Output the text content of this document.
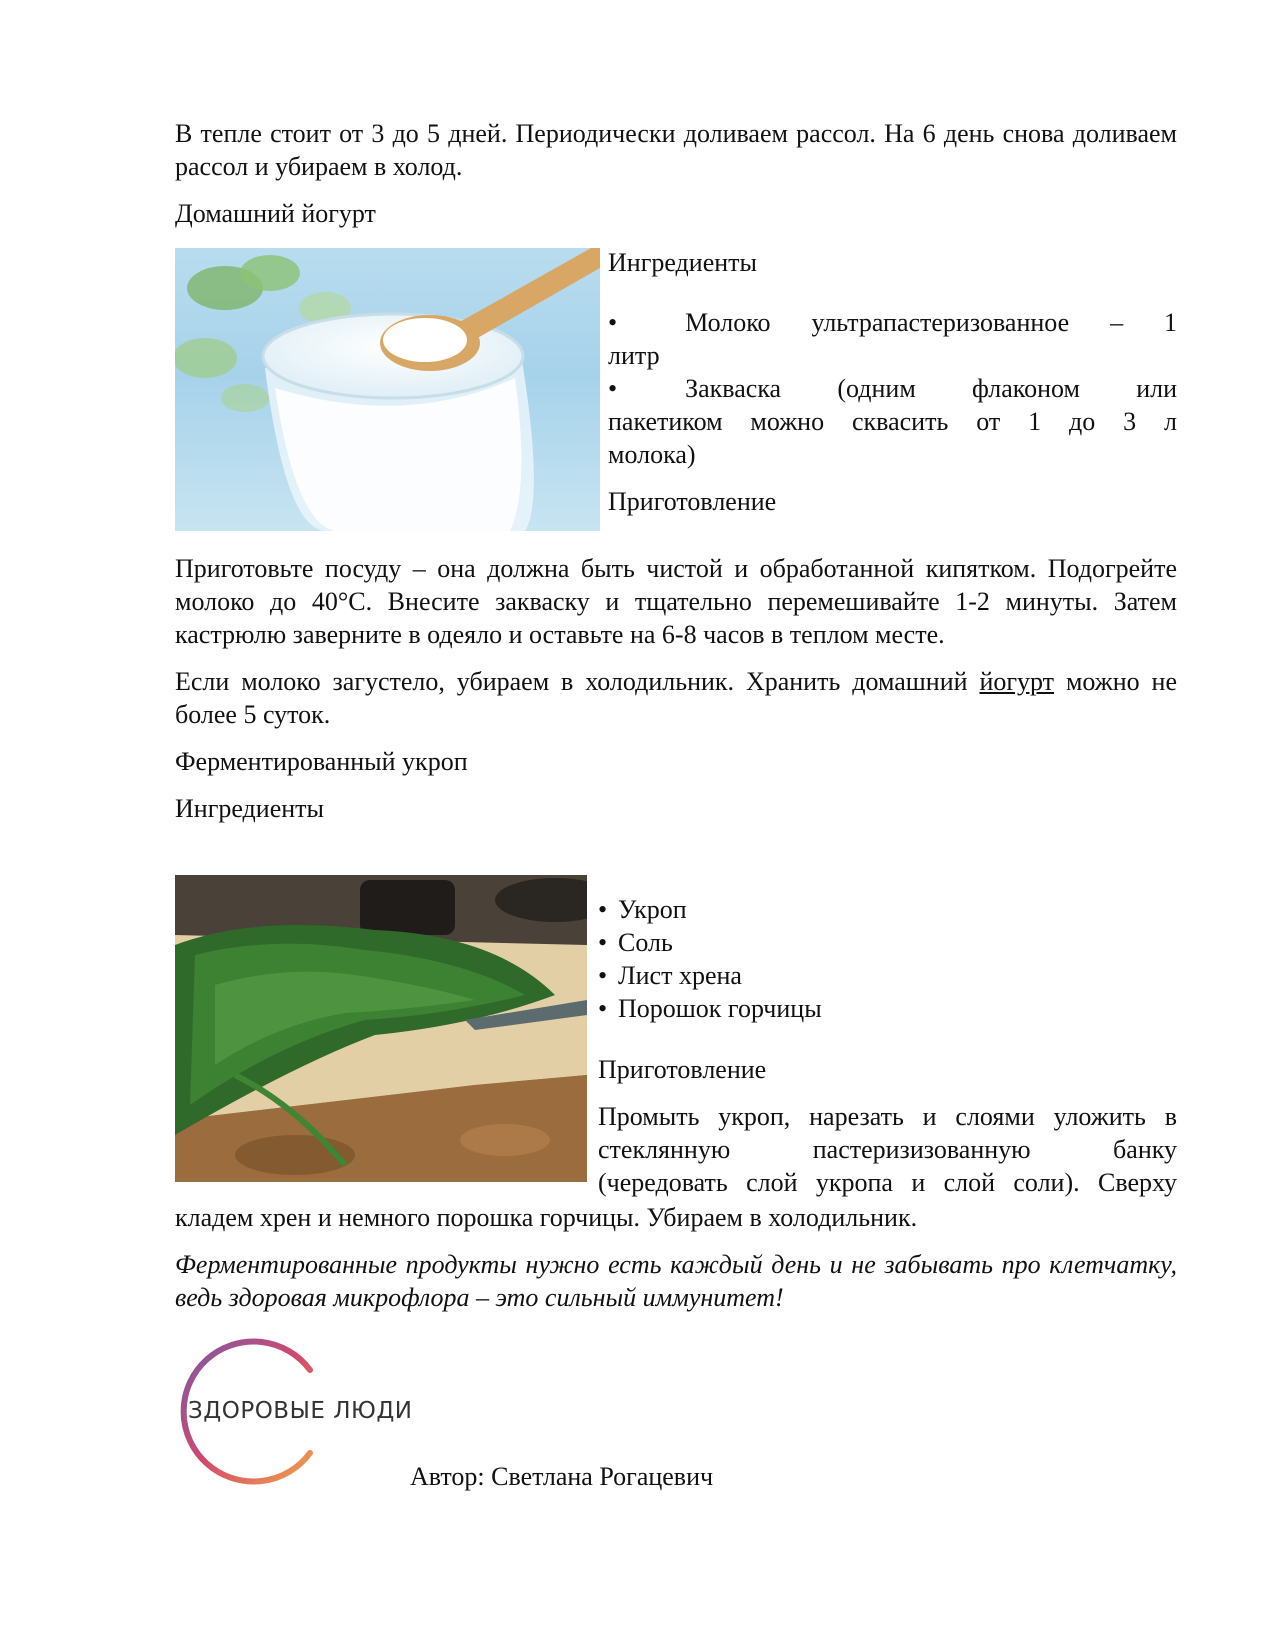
В тепле стоит от 3 до 5 дней. Периодически доливаем рассол. На 6 день снова доливаем рассол и убираем в холод.

Домашний йогурт

Ингредиенты

•	Молоко ультрапастеризованное – 1

литр

•	Закваска (одним флаконом или

пакетиком можно сквасить от 1 до 3 л

молока)

Приготовление

Приготовьте посуду – она должна быть чистой и обработанной кипятком. Подогрейте молоко до 40°C. Внесите закваску и тщательно перемешивайте 1-2 минуты. Затем кастрюлю заверните в одеяло и оставьте на 6-8 часов в теплом месте.

Если молоко загустело, убираем в холодильник. Хранить домашний йогурт можно не более 5 суток.

Ферментированный укроп

Ингредиенты

• Укроп
• Соль
• Лист хрена
• Порошок горчицы

Приготовление

Промыть укроп, нарезать и слоями уложить в

стеклянную пастеризизованную банку

(чередовать слой укропа и слой соли). Сверху

кладем хрен и немного порошка горчицы. Убираем в холодильник.

Ферментированные продукты нужно есть каждый день и не забывать про клетчатку, ведь здоровая микрофлора – это сильный иммунитет!

ЗДОРОВЫЕ ЛЮДИ

Автор: Светлана Рогацевич
